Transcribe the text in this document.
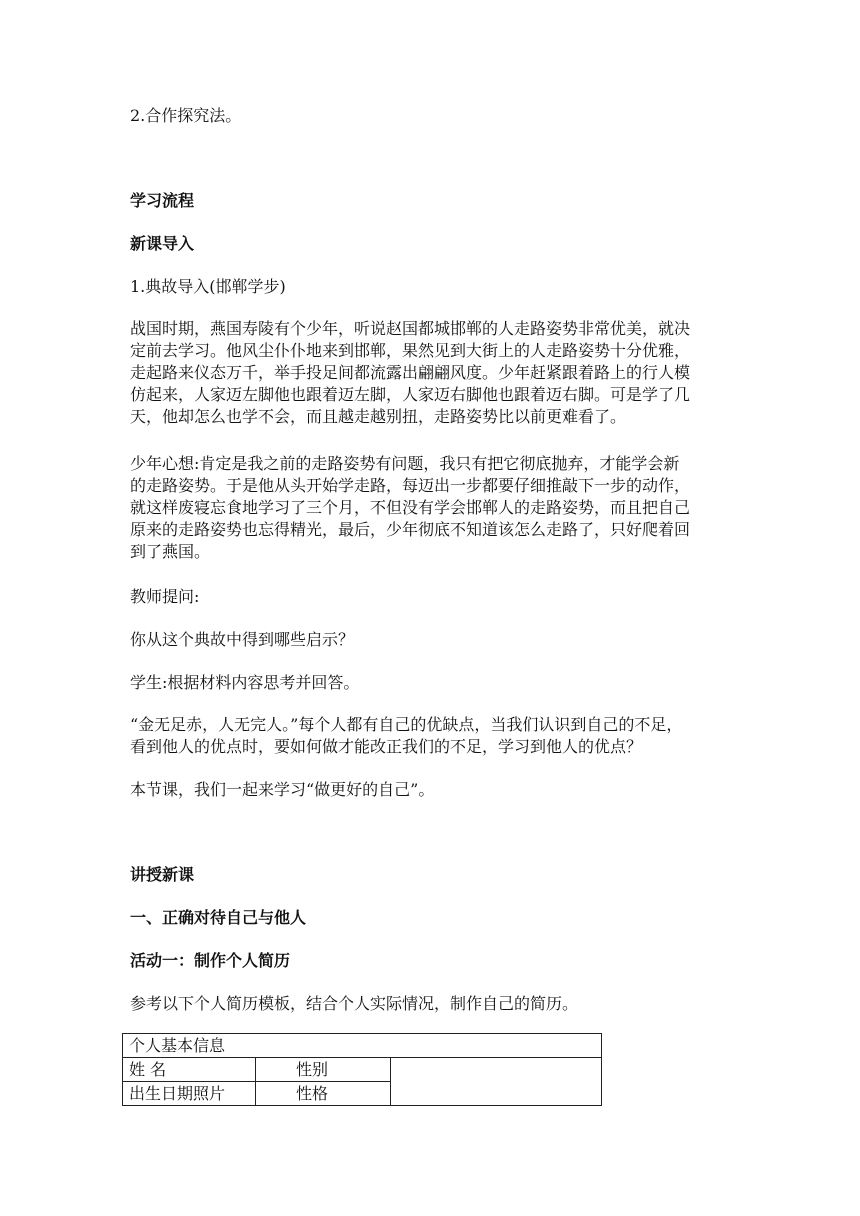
2.合作探究法。
学习流程
新课导入
1.典故导入(邯郸学步)
战国时期，燕国寿陵有个少年，听说赵国都城邯郸的人走路姿势非常优美，就决
定前去学习。他风尘仆仆地来到邯郸，果然见到大街上的人走路姿势十分优雅，
走起路来仪态万千，举手投足间都流露出翩翩风度。少年赶紧跟着路上的行人模
仿起来，人家迈左脚他也跟着迈左脚，人家迈右脚他也跟着迈右脚。可是学了几
天，他却怎么也学不会，而且越走越别扭，走路姿势比以前更难看了。
少年心想:肯定是我之前的走路姿势有问题，我只有把它彻底抛弃，才能学会新
的走路姿势。于是他从头开始学走路，每迈出一步都要仔细推敲下一步的动作，
就这样废寝忘食地学习了三个月，不但没有学会邯郸人的走路姿势，而且把自己
原来的走路姿势也忘得精光，最后，少年彻底不知道该怎么走路了，只好爬着回
到了燕国。
教师提问:
你从这个典故中得到哪些启示？
学生:根据材料内容思考并回答。
“金无足赤，人无完人。”每个人都有自己的优缺点，当我们认识到自己的不足，
看到他人的优点时，要如何做才能改正我们的不足，学习到他人的优点？
本节课，我们一起来学习“做更好的自己”。
讲授新课
一、正确对待自己与他人
活动一：制作个人简历
参考以下个人简历模板，结合个人实际情况，制作自己的简历。
个人基本信息		
姓 名	性别	
出生日期照片	性格	
